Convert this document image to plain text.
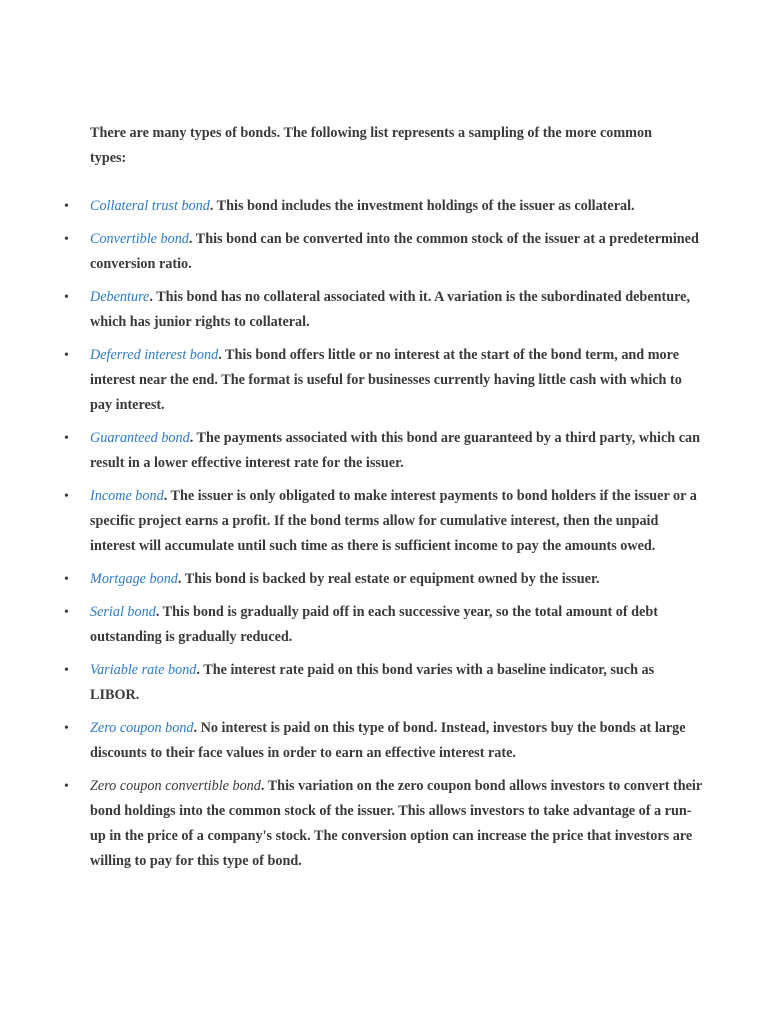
There are many types of bonds. The following list represents a sampling of the more common types:

•	Collateral trust bond. This bond includes the investment holdings of the issuer as collateral.
•	Convertible bond. This bond can be converted into the common stock of the issuer at a predetermined conversion ratio.
•	Debenture. This bond has no collateral associated with it. A variation is the subordinated debenture, which has junior rights to collateral.
•	Deferred interest bond. This bond offers little or no interest at the start of the bond term, and more interest near the end. The format is useful for businesses currently having little cash with which to pay interest.
•	Guaranteed bond. The payments associated with this bond are guaranteed by a third party, which can result in a lower effective interest rate for the issuer.
•	Income bond. The issuer is only obligated to make interest payments to bond holders if the issuer or a specific project earns a profit. If the bond terms allow for cumulative interest, then the unpaid interest will accumulate until such time as there is sufficient income to pay the amounts owed.
•	Mortgage bond. This bond is backed by real estate or equipment owned by the issuer.
•	Serial bond. This bond is gradually paid off in each successive year, so the total amount of debt outstanding is gradually reduced.
•	Variable rate bond. The interest rate paid on this bond varies with a baseline indicator, such as LIBOR.
•	Zero coupon bond. No interest is paid on this type of bond. Instead, investors buy the bonds at large discounts to their face values in order to earn an effective interest rate.
•	Zero coupon convertible bond. This variation on the zero coupon bond allows investors to convert their bond holdings into the common stock of the issuer. This allows investors to take advantage of a run-up in the price of a company's stock. The conversion option can increase the price that investors are willing to pay for this type of bond.
